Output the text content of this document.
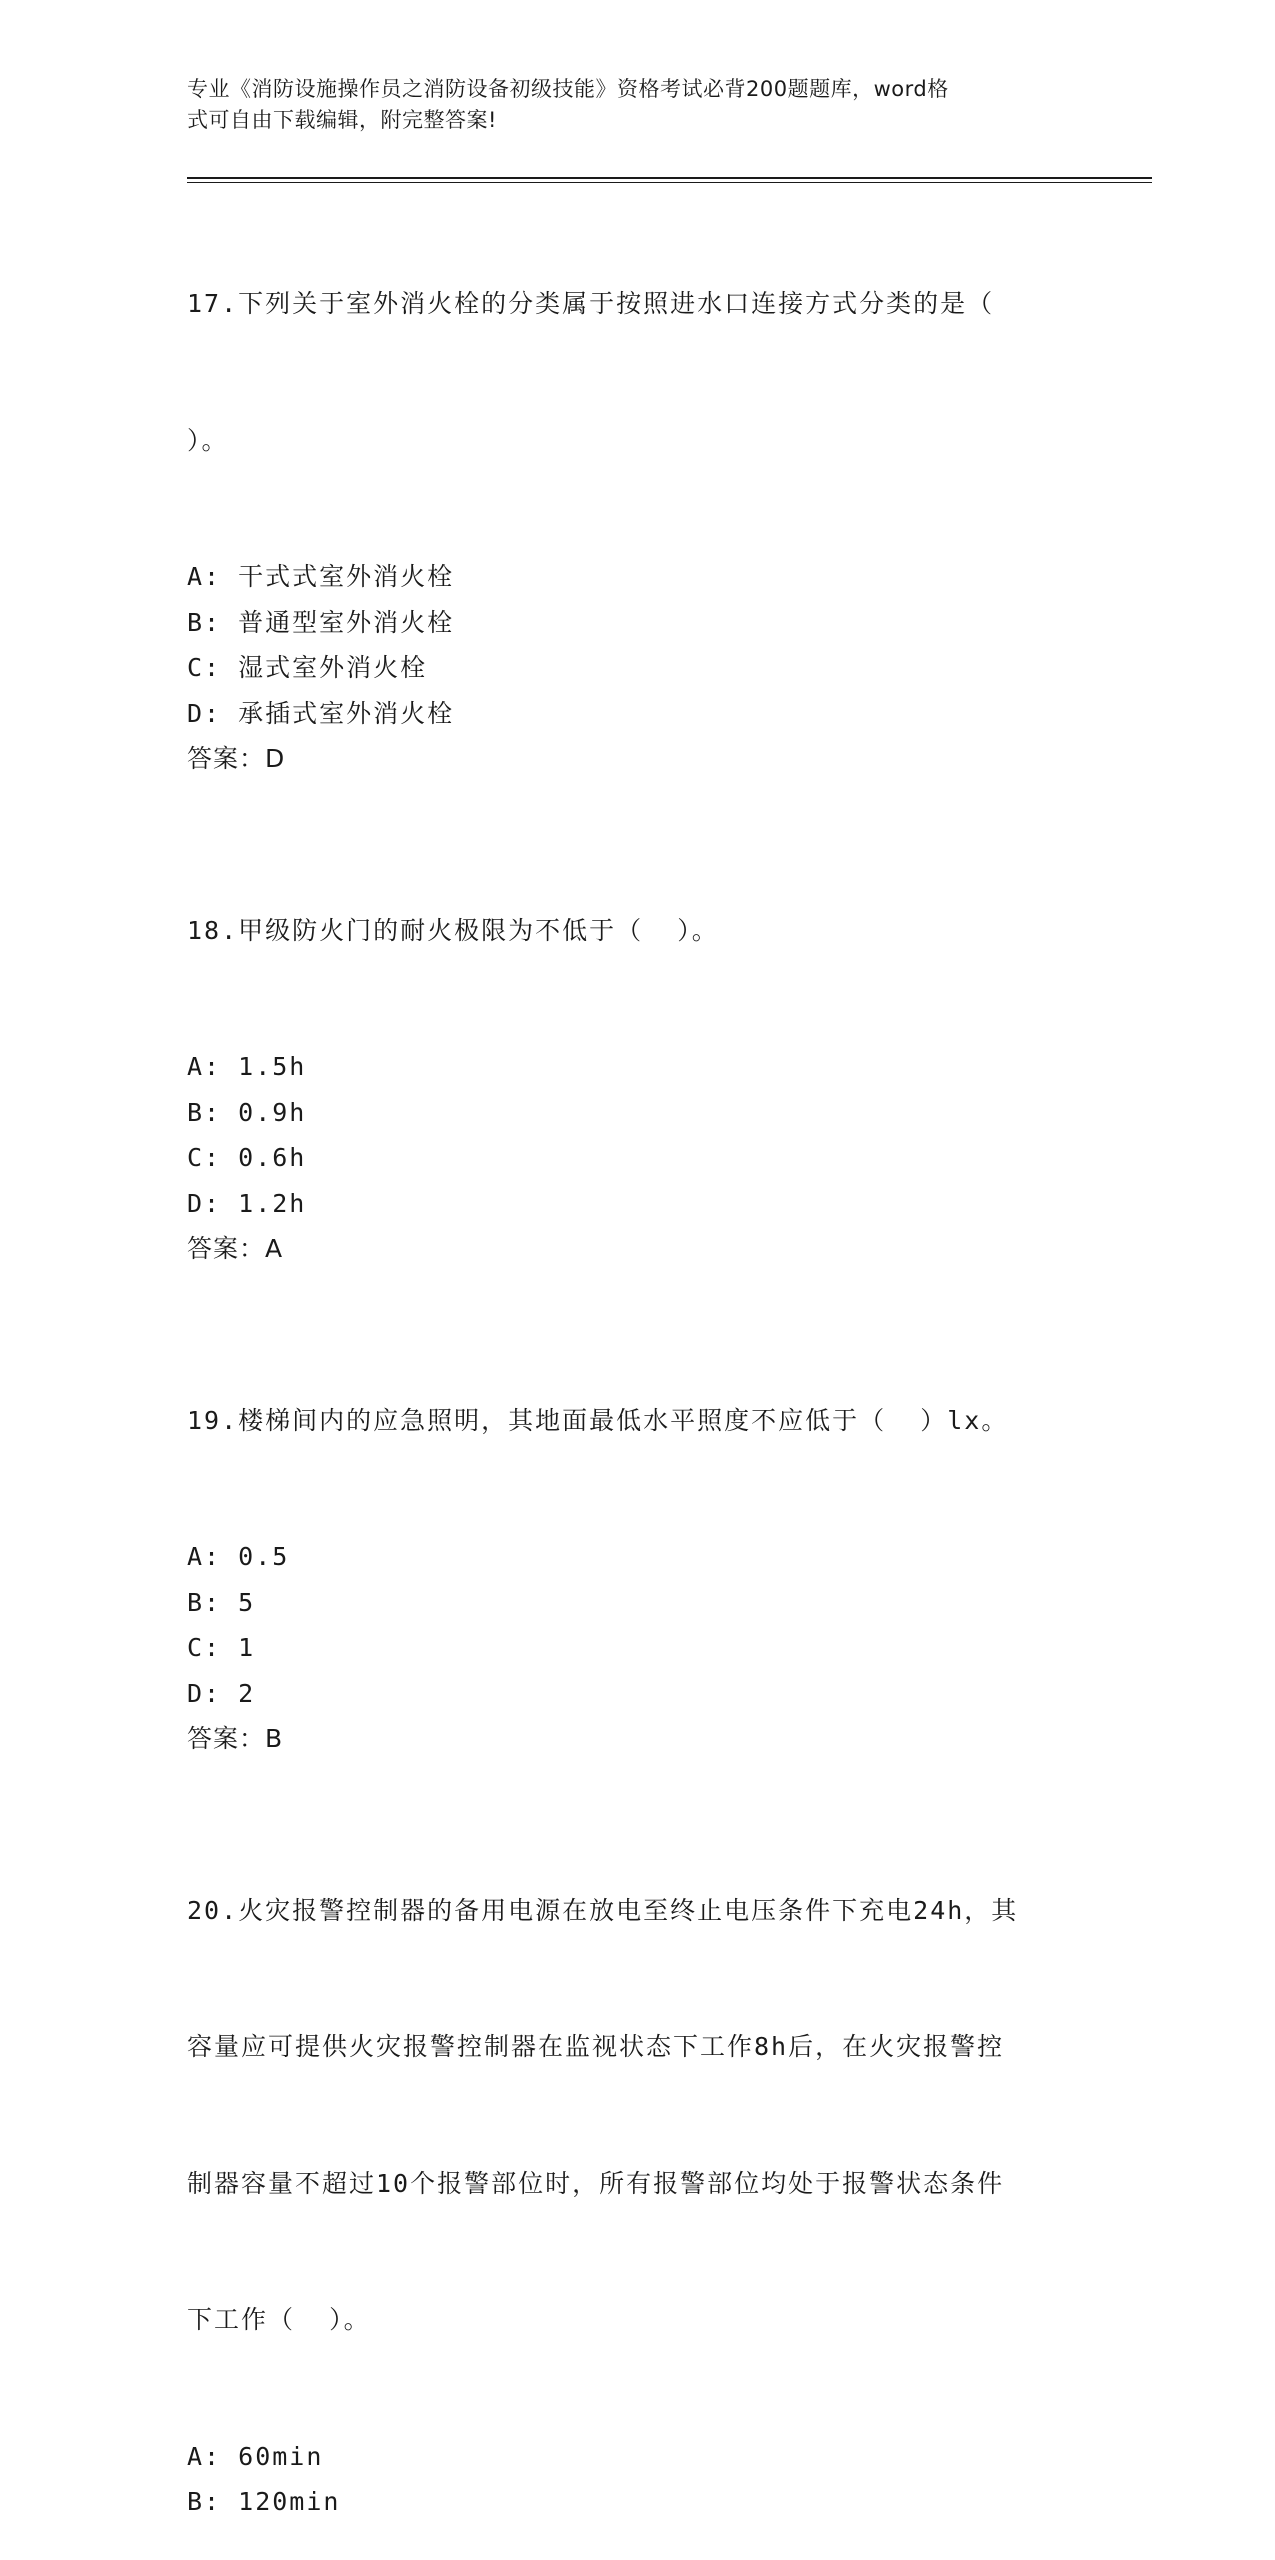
专业《消防设施操作员之消防设备初级技能》资格考试必背200题题库，word格
式可自由下载编辑，附完整答案!

17.下列关于室外消火栓的分类属于按照进水口连接方式分类的是（

）。

A: 干式式室外消火栓
B: 普通型室外消火栓
C: 湿式室外消火栓
D: 承插式室外消火栓
答案：D

18.甲级防火门的耐火极限为不低于（  ）。

A: 1.5h
B: 0.9h
C: 0.6h
D: 1.2h
答案：A

19.楼梯间内的应急照明，其地面最低水平照度不应低于（  ）lx。

A: 0.5
B: 5
C: 1
D: 2
答案：B

20.火灾报警控制器的备用电源在放电至终止电压条件下充电24h，其

容量应可提供火灾报警控制器在监视状态下工作8h后，在火灾报警控

制器容量不超过10个报警部位时，所有报警部位均处于报警状态条件

下工作（  ）。

A: 60min
B: 120min
